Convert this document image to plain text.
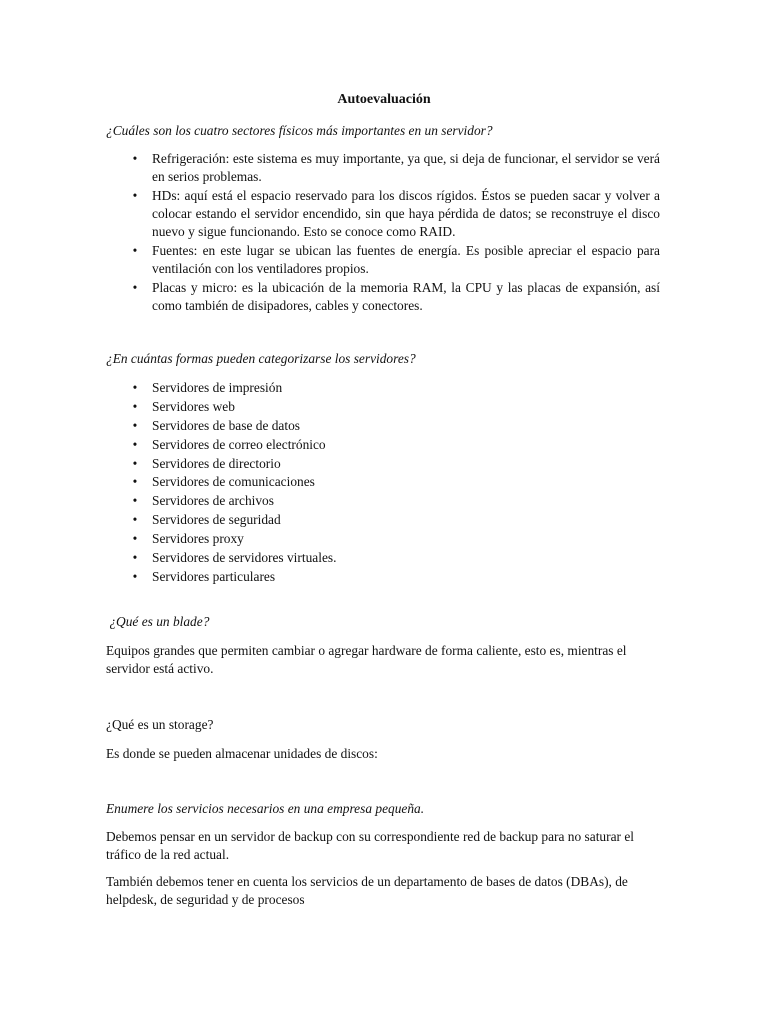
Autoevaluación

¿Cuáles son los cuatro sectores físicos más importantes en un servidor?

• Refrigeración: este sistema es muy importante, ya que, si deja de funcionar, el servidor se verá en serios problemas.
• HDs: aquí está el espacio reservado para los discos rígidos. Éstos se pueden sacar y volver a colocar estando el servidor encendido, sin que haya pérdida de datos; se reconstruye el disco nuevo y sigue funcionando. Esto se conoce como RAID.
• Fuentes: en este lugar se ubican las fuentes de energía. Es posible apreciar el espacio para ventilación con los ventiladores propios.
• Placas y micro: es la ubicación de la memoria RAM, la CPU y las placas de expansión, así como también de disipadores, cables y conectores.

¿En cuántas formas pueden categorizarse los servidores?

• Servidores de impresión
• Servidores web
• Servidores de base de datos
• Servidores de correo electrónico
• Servidores de directorio
• Servidores de comunicaciones
• Servidores de archivos
• Servidores de seguridad
• Servidores proxy
• Servidores de servidores virtuales.
• Servidores particulares

¿Qué es un blade?

Equipos grandes que permiten cambiar o agregar hardware de forma caliente, esto es, mientras el servidor está activo.

¿Qué es un storage?

Es donde se pueden almacenar unidades de discos:

Enumere los servicios necesarios en una empresa pequeña.

Debemos pensar en un servidor de backup con su correspondiente red de backup para no saturar el tráfico de la red actual.

También debemos tener en cuenta los servicios de un departamento de bases de datos (DBAs), de helpdesk, de seguridad y de procesos
